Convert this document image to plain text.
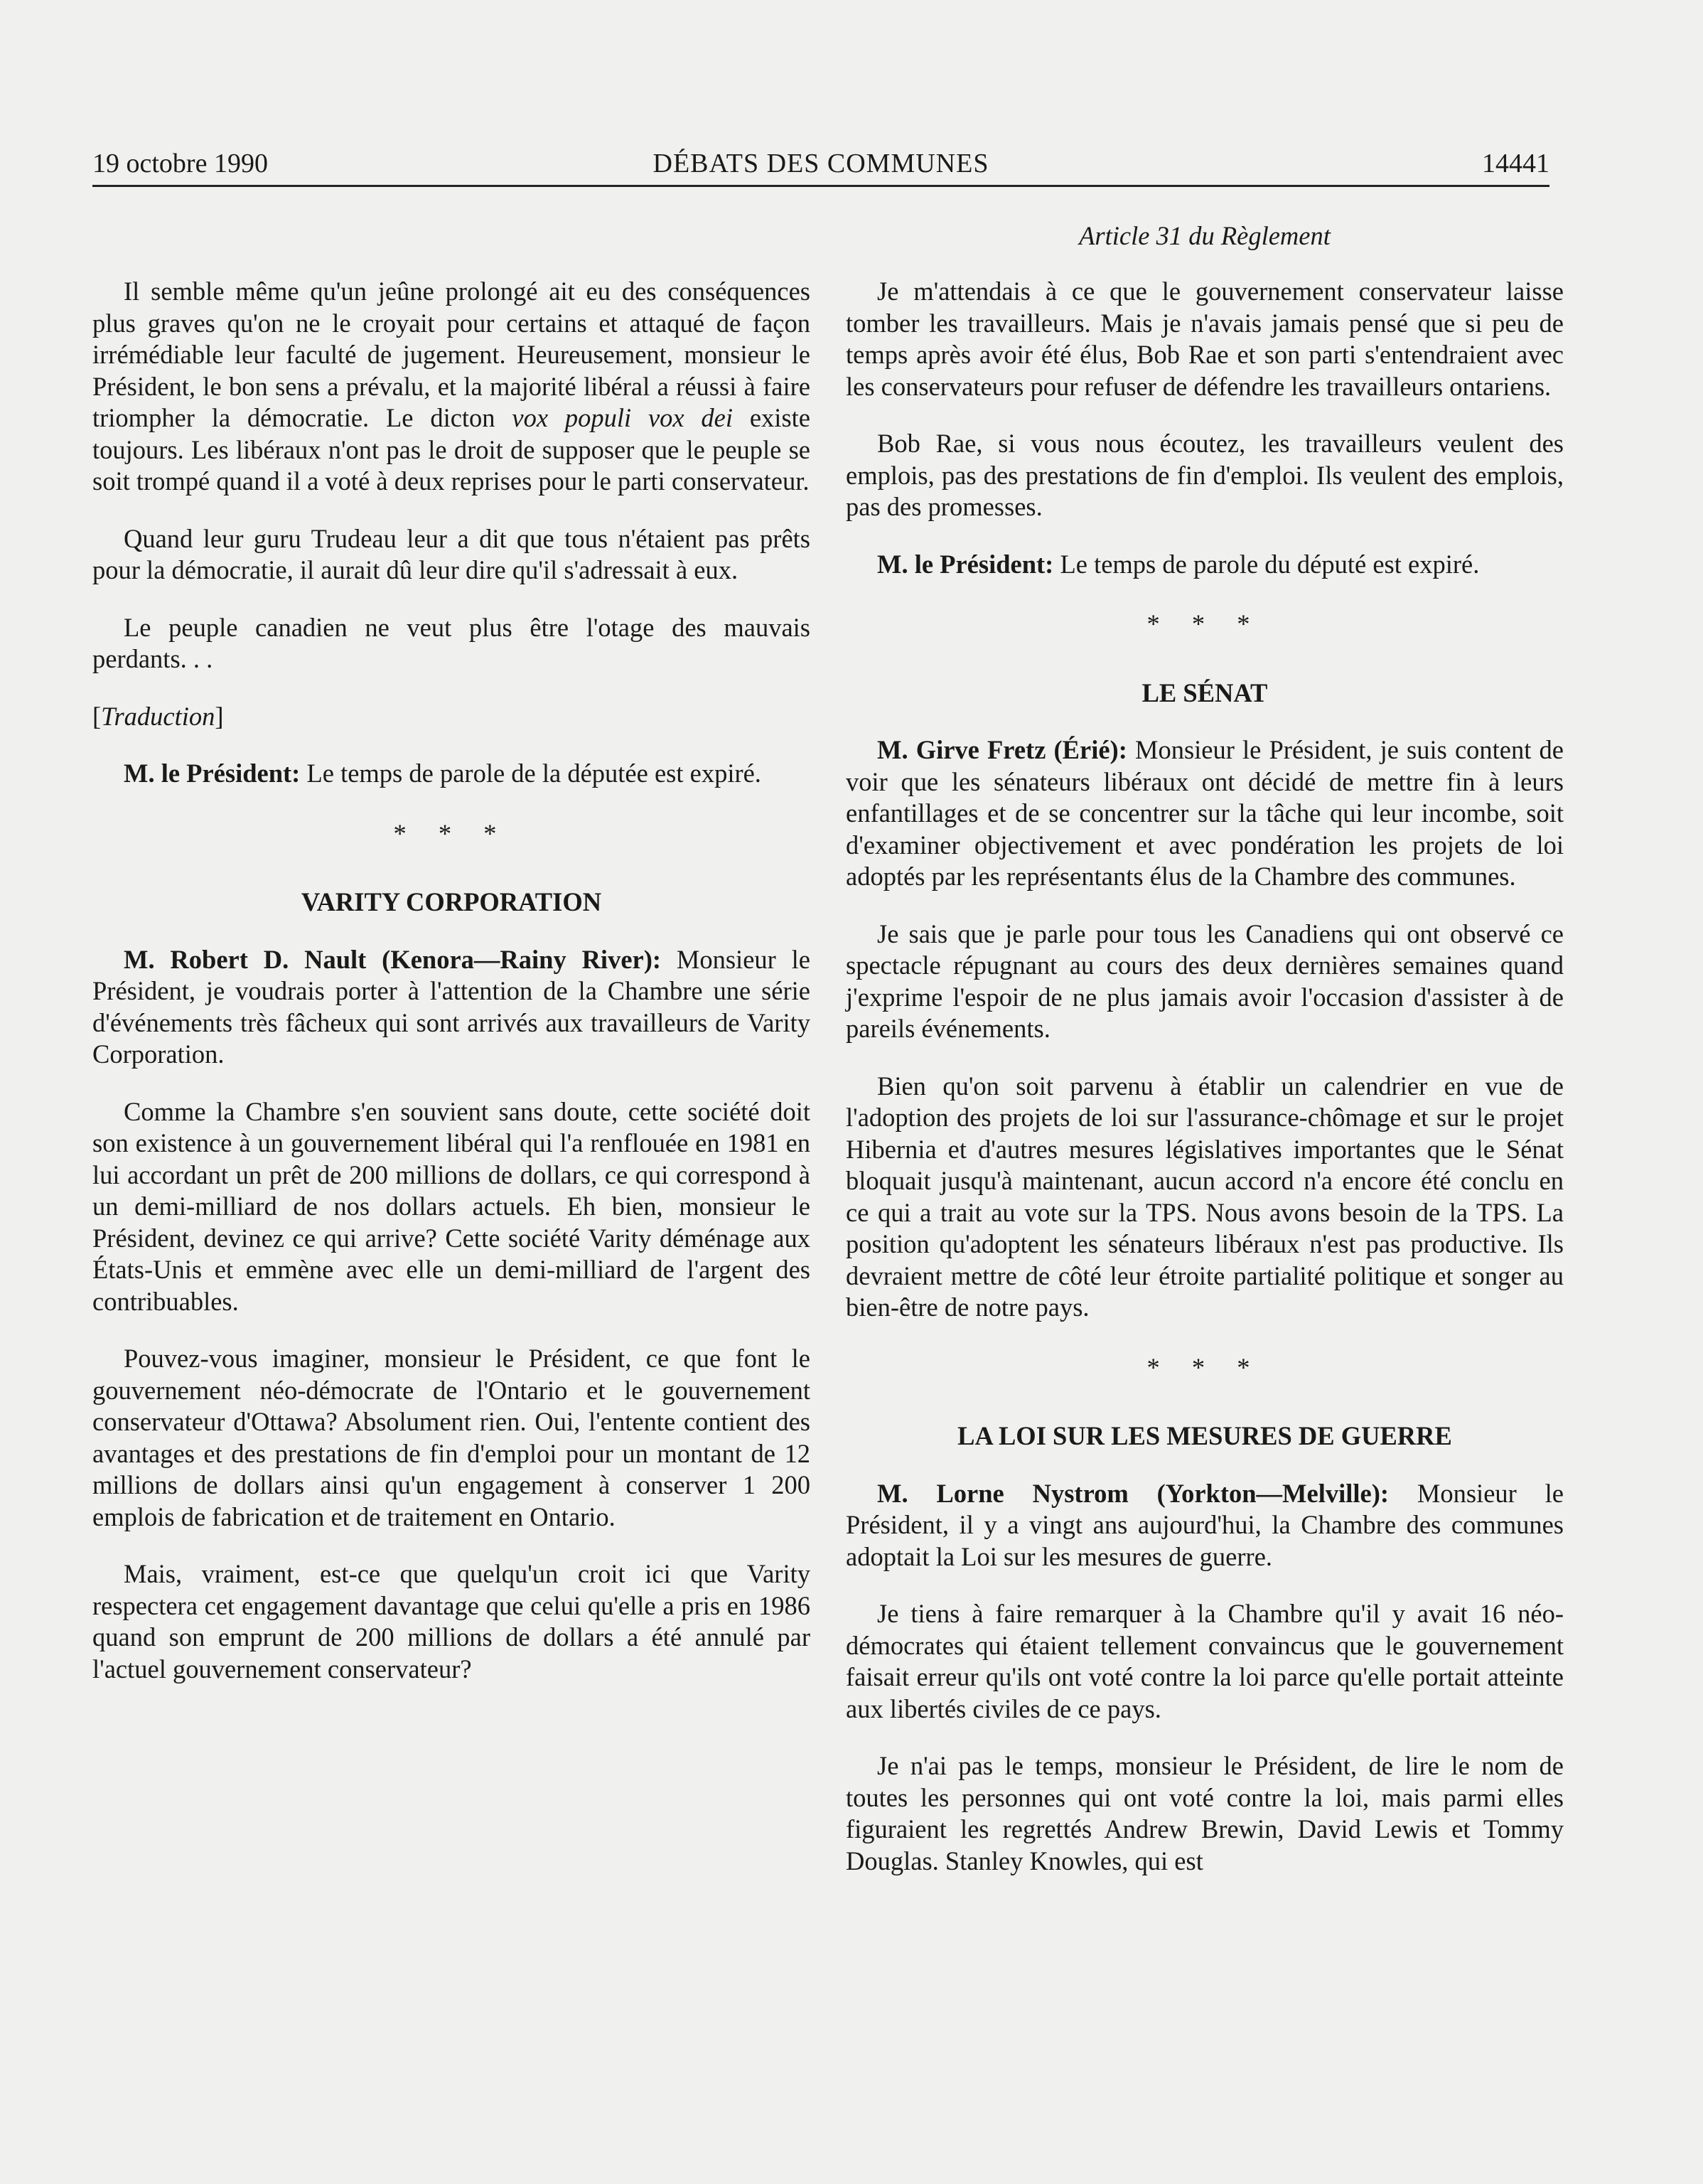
19 octobre 1990	DÉBATS DES COMMUNES	14441
Article 31 du Règlement

Il semble même qu'un jeûne prolongé ait eu des conséquences plus graves qu'on ne le croyait pour certains et attaqué de façon irrémédiable leur faculté de jugement. Heureusement, monsieur le Président, le bon sens a prévalu, et la majorité libéral a réussi à faire triompher la démocratie. Le dicton vox populi vox dei existe toujours. Les libéraux n'ont pas le droit de supposer que le peuple se soit trompé quand il a voté à deux reprises pour le parti conservateur.

Quand leur guru Trudeau leur a dit que tous n'étaient pas prêts pour la démocratie, il aurait dû leur dire qu'il s'adressait à eux.

Le peuple canadien ne veut plus être l'otage des mauvais perdants. . .

[Traduction]

M. le Président: Le temps de parole de la députée est expiré.

* * *
VARITY CORPORATION

M. Robert D. Nault (Kenora—Rainy River): Monsieur le Président, je voudrais porter à l'attention de la Chambre une série d'événements très fâcheux qui sont arrivés aux travailleurs de Varity Corporation.

Comme la Chambre s'en souvient sans doute, cette société doit son existence à un gouvernement libéral qui l'a renflouée en 1981 en lui accordant un prêt de 200 millions de dollars, ce qui correspond à un demi-milliard de nos dollars actuels. Eh bien, monsieur le Président, devinez ce qui arrive? Cette société Varity déménage aux États-Unis et emmène avec elle un demi-milliard de l'argent des contribuables.

Pouvez-vous imaginer, monsieur le Président, ce que font le gouvernement néo-démocrate de l'Ontario et le gouvernement conservateur d'Ottawa? Absolument rien. Oui, l'entente contient des avantages et des prestations de fin d'emploi pour un montant de 12 millions de dollars ainsi qu'un engagement à conserver 1 200 emplois de fabrication et de traitement en Ontario.

Mais, vraiment, est-ce que quelqu'un croit ici que Varity respectera cet engagement davantage que celui qu'elle a pris en 1986 quand son emprunt de 200 millions de dollars a été annulé par l'actuel gouvernement conservateur?

Je m'attendais à ce que le gouvernement conservateur laisse tomber les travailleurs. Mais je n'avais jamais pensé que si peu de temps après avoir été élus, Bob Rae et son parti s'entendraient avec les conservateurs pour refuser de défendre les travailleurs ontariens.

Bob Rae, si vous nous écoutez, les travailleurs veulent des emplois, pas des prestations de fin d'emploi. Ils veulent des emplois, pas des promesses.

M. le Président: Le temps de parole du député est expiré.

* * *
LE SÉNAT

M. Girve Fretz (Érié): Monsieur le Président, je suis content de voir que les sénateurs libéraux ont décidé de mettre fin à leurs enfantillages et de se concentrer sur la tâche qui leur incombe, soit d'examiner objectivement et avec pondération les projets de loi adoptés par les représentants élus de la Chambre des communes.

Je sais que je parle pour tous les Canadiens qui ont observé ce spectacle répugnant au cours des deux dernières semaines quand j'exprime l'espoir de ne plus jamais avoir l'occasion d'assister à de pareils événements.

Bien qu'on soit parvenu à établir un calendrier en vue de l'adoption des projets de loi sur l'assurance-chômage et sur le projet Hibernia et d'autres mesures législatives importantes que le Sénat bloquait jusqu'à maintenant, aucun accord n'a encore été conclu en ce qui a trait au vote sur la TPS. Nous avons besoin de la TPS. La position qu'adoptent les sénateurs libéraux n'est pas productive. Ils devraient mettre de côté leur étroite partialité politique et songer au bien-être de notre pays.

* * *
LA LOI SUR LES MESURES DE GUERRE

M. Lorne Nystrom (Yorkton—Melville): Monsieur le Président, il y a vingt ans aujourd'hui, la Chambre des communes adoptait la Loi sur les mesures de guerre.

Je tiens à faire remarquer à la Chambre qu'il y avait 16 néo-démocrates qui étaient tellement convaincus que le gouvernement faisait erreur qu'ils ont voté contre la loi parce qu'elle portait atteinte aux libertés civiles de ce pays.

Je n'ai pas le temps, monsieur le Président, de lire le nom de toutes les personnes qui ont voté contre la loi, mais parmi elles figuraient les regrettés Andrew Brewin, David Lewis et Tommy Douglas. Stanley Knowles, qui est
